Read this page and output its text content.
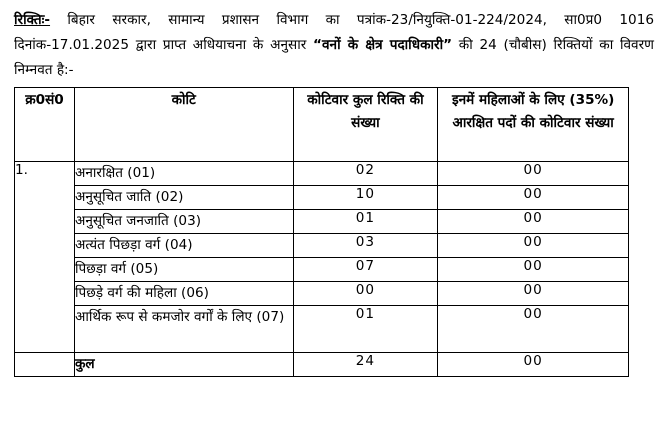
रिक्तिः- बिहार सरकार, सामान्य प्रशासन विभाग का पत्रांक-23/नियुक्ति-01-224/2024, सा0प्र0 1016 दिनांक-17.01.2025 द्वारा प्राप्त अधियाचना के अनुसार “वनों के क्षेत्र पदाधिकारी” की 24 (चौबीस) रिक्तियों का विवरण निम्नवत है:-

क्र0सं0	कोटि	कोटिवार कुल रिक्ति की संख्या	इनमें महिलाओं के लिए (35%) आरक्षित पदों की कोटिवार संख्या
1.	अनारक्षित (01)	02	00
	अनुसूचित जाति (02)	10	00
	अनुसूचित जनजाति (03)	01	00
	अत्यंत पिछड़ा वर्ग (04)	03	00
	पिछड़ा वर्ग (05)	07	00
	पिछड़े वर्ग की महिला (06)	00	00
	आर्थिक रूप से कमजोर वर्गों के लिए (07)	01	00
	कुल	24	00
